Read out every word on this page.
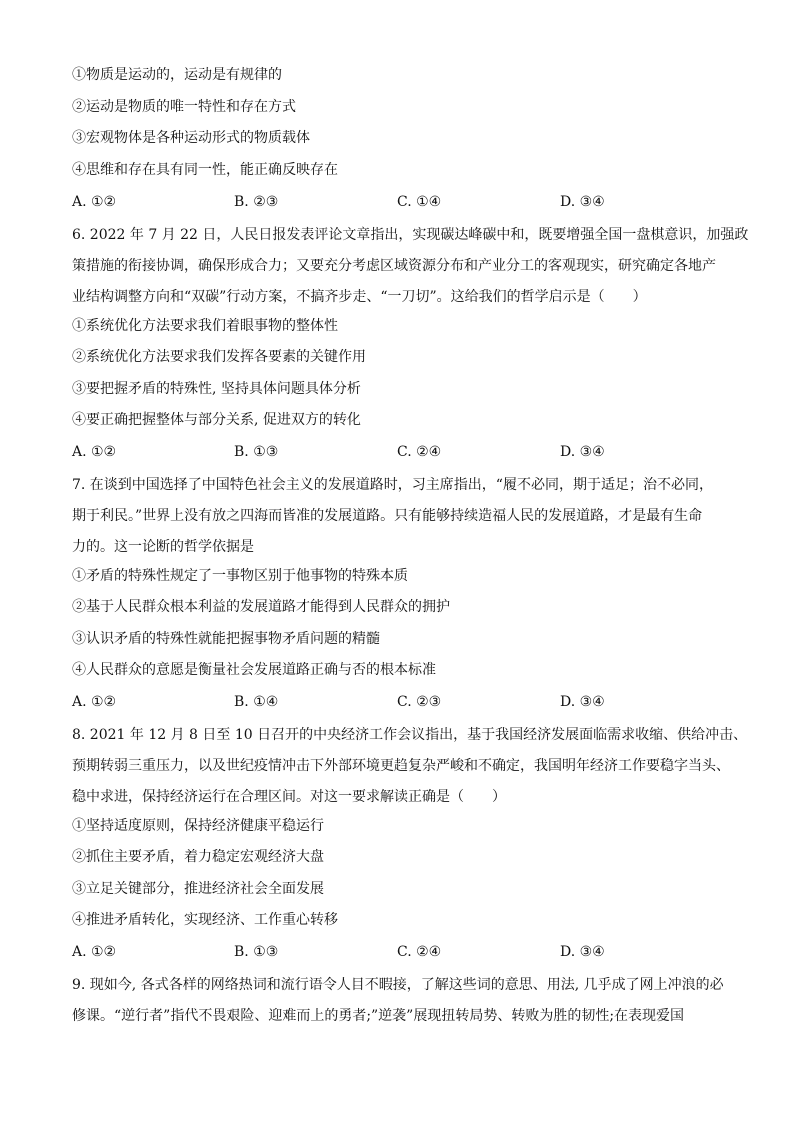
①物质是运动的，运动是有规律的
②运动是物质的唯一特性和存在方式
③宏观物体是各种运动形式的物质载体
④思维和存在具有同一性，能正确反映存在
A. ①②	B. ②③	C. ①④	D. ③④
6. 2022 年 7 月 22 日，人民日报发表评论文章指出，实现碳达峰碳中和，既要增强全国一盘棋意识，加强政
策措施的衔接协调，确保形成合力；又要充分考虑区域资源分布和产业分工的客观现实，研究确定各地产
业结构调整方向和“双碳”行动方案，不搞齐步走、“一刀切”。这给我们的哲学启示是（　　）
①系统优化方法要求我们着眼事物的整体性
②系统优化方法要求我们发挥各要素的关键作用
③要把握矛盾的特殊性, 坚持具体问题具体分析
④要正确把握整体与部分关系, 促进双方的转化
A. ①②	B. ①③	C. ②④	D. ③④
7. 在谈到中国选择了中国特色社会主义的发展道路时，习主席指出，“履不必同，期于适足；治不必同，
期于利民。”世界上没有放之四海而皆准的发展道路。只有能够持续造福人民的发展道路，才是最有生命
力的。这一论断的哲学依据是
①矛盾的特殊性规定了一事物区别于他事物的特殊本质
②基于人民群众根本利益的发展道路才能得到人民群众的拥护
③认识矛盾的特殊性就能把握事物矛盾问题的精髓
④人民群众的意愿是衡量社会发展道路正确与否的根本标准
A. ①②	B. ①④	C. ②③	D. ③④
8. 2021 年 12 月 8 日至 10 日召开的中央经济工作会议指出，基于我国经济发展面临需求收缩、供给冲击、
预期转弱三重压力，以及世纪疫情冲击下外部环境更趋复杂严峻和不确定，我国明年经济工作要稳字当头、
稳中求进，保持经济运行在合理区间。对这一要求解读正确是（　　）
①坚持适度原则，保持经济健康平稳运行
②抓住主要矛盾，着力稳定宏观经济大盘
③立足关键部分，推进经济社会全面发展
④推进矛盾转化，实现经济、工作重心转移
A. ①②	B. ①③	C. ②④	D. ③④
9. 现如今, 各式各样的网络热词和流行语令人目不暇接，了解这些词的意思、用法, 几乎成了网上冲浪的必
修课。“逆行者”指代不畏艰险、迎难而上的勇者;”逆袭”展现扭转局势、转败为胜的韧性;在表现爱国
